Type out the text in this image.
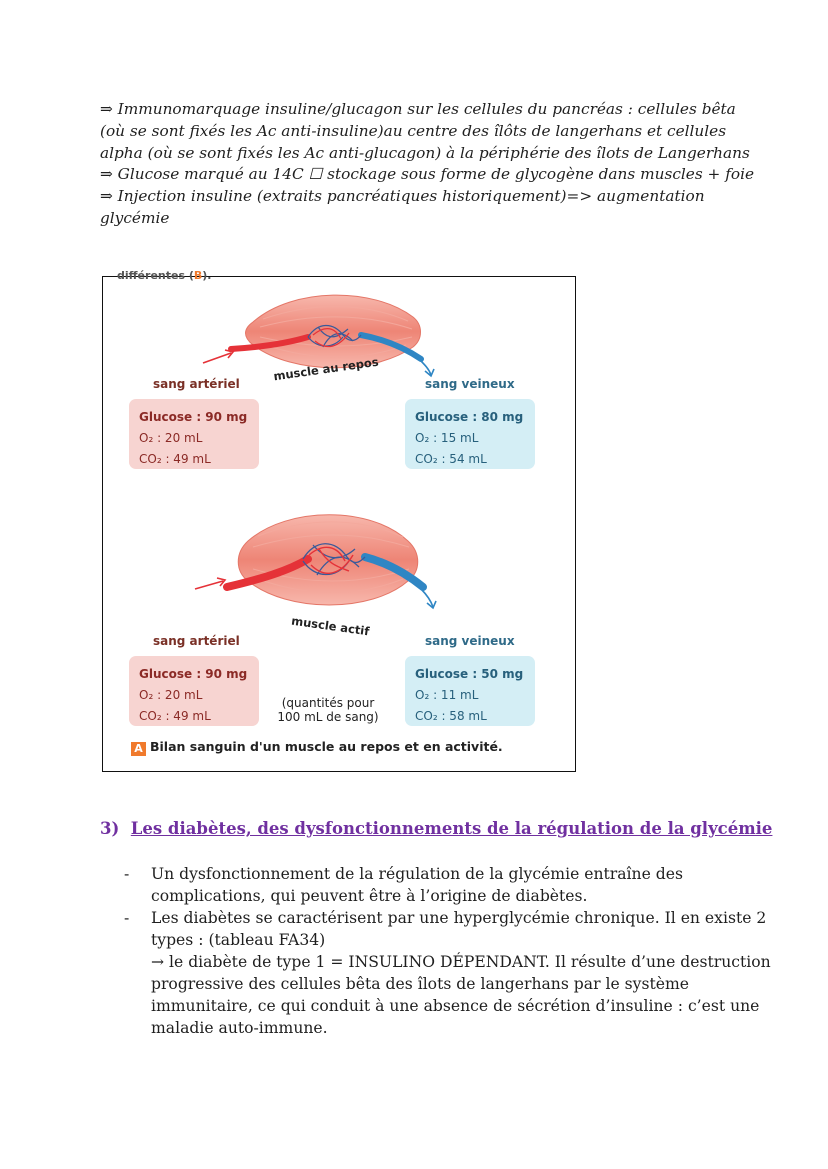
⇒ Immunomarquage insuline/glucagon sur les cellules du pancréas : cellules bêta

(où se sont fixés les Ac anti-insuline)au centre des îlôts de langerhans et cellules

alpha (où se sont fixés les Ac anti-glucagon) à la périphérie des îlots de Langerhans

⇒ Glucose marqué au 14C ☐ stockage sous forme de glycogène dans muscles + foie

⇒ Injection insuline (extraits pancréatiques historiquement)=> augmentation

glycémie

différentes (B).
muscle au repos
sang artériel	sang veineux
Glucose : 90 mg
O₂ : 20 mL
CO₂ : 49 mL
Glucose : 80 mg
O₂ : 15 mL
CO₂ : 54 mL
muscle actif
sang artériel	sang veineux
Glucose : 90 mg
O₂ : 20 mL
CO₂ : 49 mL
Glucose : 50 mg
O₂ : 11 mL
CO₂ : 58 mL
(quantités pour
100 mL de sang)
A Bilan sanguin d'un muscle au repos et en activité.
3) Les diabètes, des dysfonctionnements de la régulation de la glycémie
- Un dysfonctionnement de la régulation de la glycémie entraîne des
complications, qui peuvent être à l’origine de diabètes.
- Les diabètes se caractérisent par une hyperglycémie chronique. Il en existe 2
types : (tableau FA34)
→ le diabète de type 1 = INSULINO DÉPENDANT. Il résulte d’une destruction
progressive des cellules bêta des îlots de langerhans par le système
immunitaire, ce qui conduit à une absence de sécrétion d’insuline : c’est une
maladie auto-immune.
